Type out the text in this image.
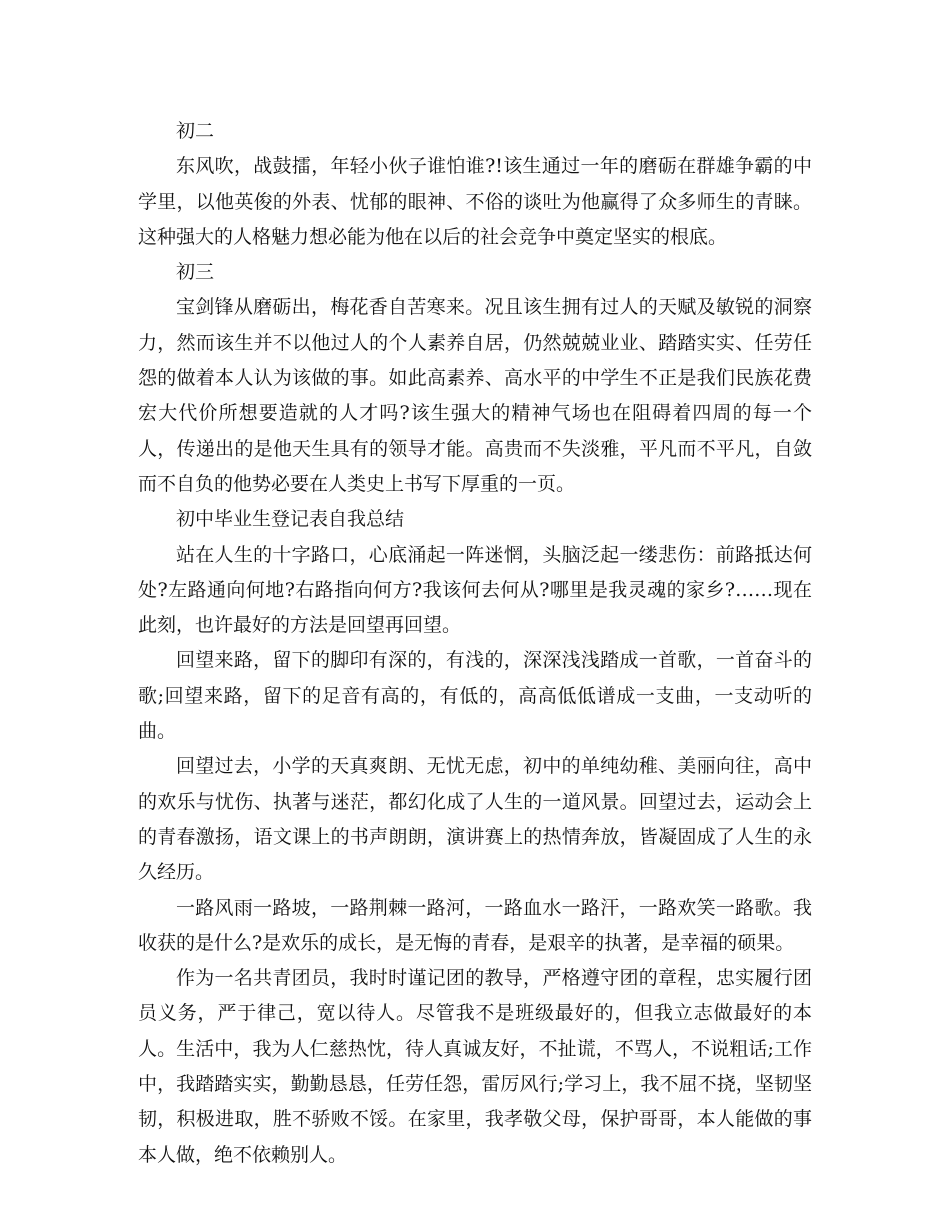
初二

东风吹，战鼓擂，年轻小伙子谁怕谁?!该生通过一年的磨砺在群雄争霸的中学里，以他英俊的外表、忧郁的眼神、不俗的谈吐为他赢得了众多师生的青睐。这种强大的人格魅力想必能为他在以后的社会竞争中奠定坚实的根底。

初三

宝剑锋从磨砺出，梅花香自苦寒来。况且该生拥有过人的天赋及敏锐的洞察力，然而该生并不以他过人的个人素养自居，仍然兢兢业业、踏踏实实、任劳任怨的做着本人认为该做的事。如此高素养、高水平的中学生不正是我们民族花费宏大代价所想要造就的人才吗?该生强大的精神气场也在阻碍着四周的每一个人，传递出的是他天生具有的领导才能。高贵而不失淡雅，平凡而不平凡，自敛而不自负的他势必要在人类史上书写下厚重的一页。

初中毕业生登记表自我总结

站在人生的十字路口，心底涌起一阵迷惘，头脑泛起一缕悲伤：前路抵达何处?左路通向何地?右路指向何方?我该何去何从?哪里是我灵魂的家乡?……现在此刻，也许最好的方法是回望再回望。

回望来路，留下的脚印有深的，有浅的，深深浅浅踏成一首歌，一首奋斗的歌;回望来路，留下的足音有高的，有低的，高高低低谱成一支曲，一支动听的曲。

回望过去，小学的天真爽朗、无忧无虑，初中的单纯幼稚、美丽向往，高中的欢乐与忧伤、执著与迷茫，都幻化成了人生的一道风景。回望过去，运动会上的青春激扬，语文课上的书声朗朗，演讲赛上的热情奔放，皆凝固成了人生的永久经历。

一路风雨一路坡，一路荆棘一路河，一路血水一路汗，一路欢笑一路歌。我收获的是什么?是欢乐的成长，是无悔的青春，是艰辛的执著，是幸福的硕果。

作为一名共青团员，我时时谨记团的教导，严格遵守团的章程，忠实履行团员义务，严于律己，宽以待人。尽管我不是班级最好的，但我立志做最好的本人。生活中，我为人仁慈热忱，待人真诚友好，不扯谎，不骂人，不说粗话;工作中，我踏踏实实，勤勤恳恳，任劳任怨，雷厉风行;学习上，我不屈不挠，坚韧坚韧，积极进取，胜不骄败不馁。在家里，我孝敬父母，保护哥哥，本人能做的事本人做，绝不依赖别人。
